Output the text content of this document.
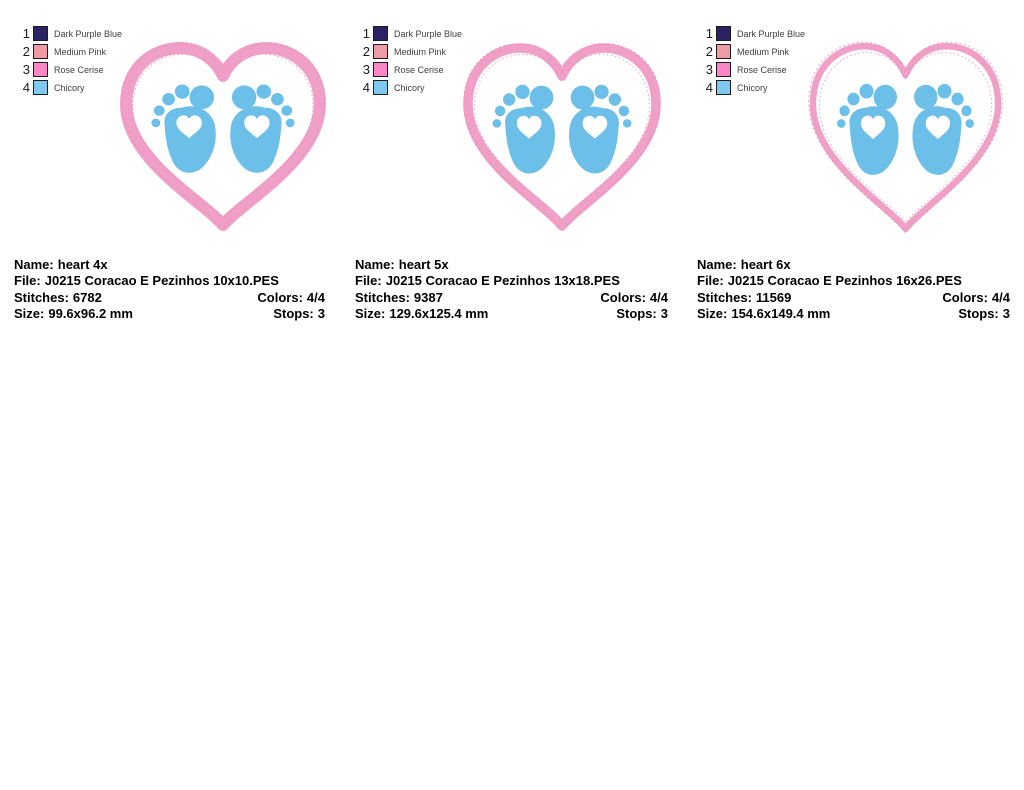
1	Dark Purple Blue
2	Medium Pink
3	Rose Cerise
4	Chicory
1	Dark Purple Blue
2	Medium Pink
3	Rose Cerise
4	Chicory
1	Dark Purple Blue
2	Medium Pink
3	Rose Cerise
4	Chicory
Name: heart 4x

File: J0215 Coracao E Pezinhos 10x10.PES
Stitches: 6782	Colors: 4/4
Size: 99.6x96.2 mm	Stops: 3
Name: heart 5x

File: J0215 Coracao E Pezinhos 13x18.PES
Stitches: 9387	Colors: 4/4
Size: 129.6x125.4 mm	Stops: 3
Name: heart 6x

File: J0215 Coracao E Pezinhos 16x26.PES
Stitches: 11569	Colors: 4/4
Size: 154.6x149.4 mm	Stops: 3
